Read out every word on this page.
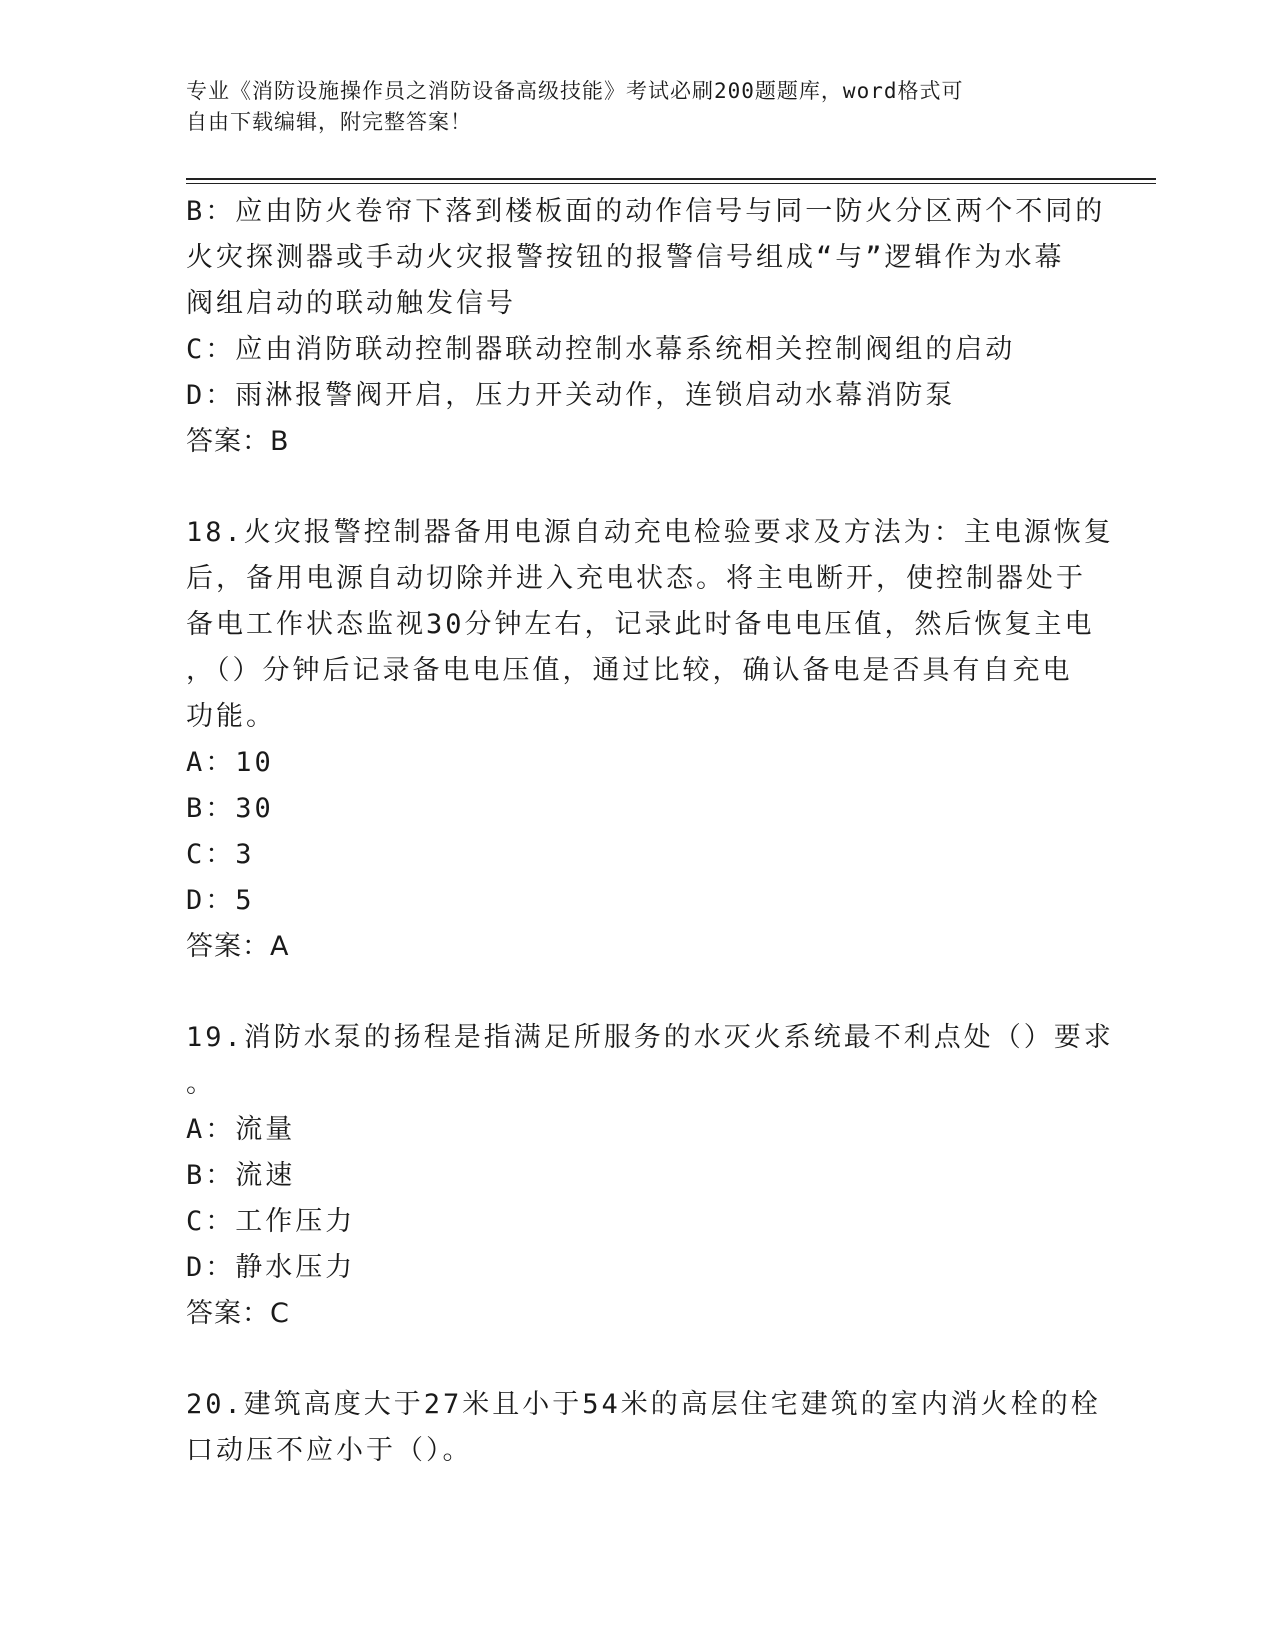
专业《消防设施操作员之消防设备高级技能》考试必刷200题题库，word格式可
自由下载编辑，附完整答案！
B：应由防火卷帘下落到楼板面的动作信号与同一防火分区两个不同的
火灾探测器或手动火灾报警按钮的报警信号组成“与”逻辑作为水幕
阀组启动的联动触发信号
C：应由消防联动控制器联动控制水幕系统相关控制阀组的启动
D：雨淋报警阀开启，压力开关动作，连锁启动水幕消防泵
答案：B
18.火灾报警控制器备用电源自动充电检验要求及方法为：主电源恢复
后，备用电源自动切除并进入充电状态。将主电断开，使控制器处于
备电工作状态监视30分钟左右，记录此时备电电压值，然后恢复主电
，（）分钟后记录备电电压值，通过比较，确认备电是否具有自充电
功能。
A：10
B：30
C：3
D：5
答案：A
19.消防水泵的扬程是指满足所服务的水灭火系统最不利点处（）要求
。
A：流量
B：流速
C：工作压力
D：静水压力
答案：C
20.建筑高度大于27米且小于54米的高层住宅建筑的室内消火栓的栓
口动压不应小于（）。
